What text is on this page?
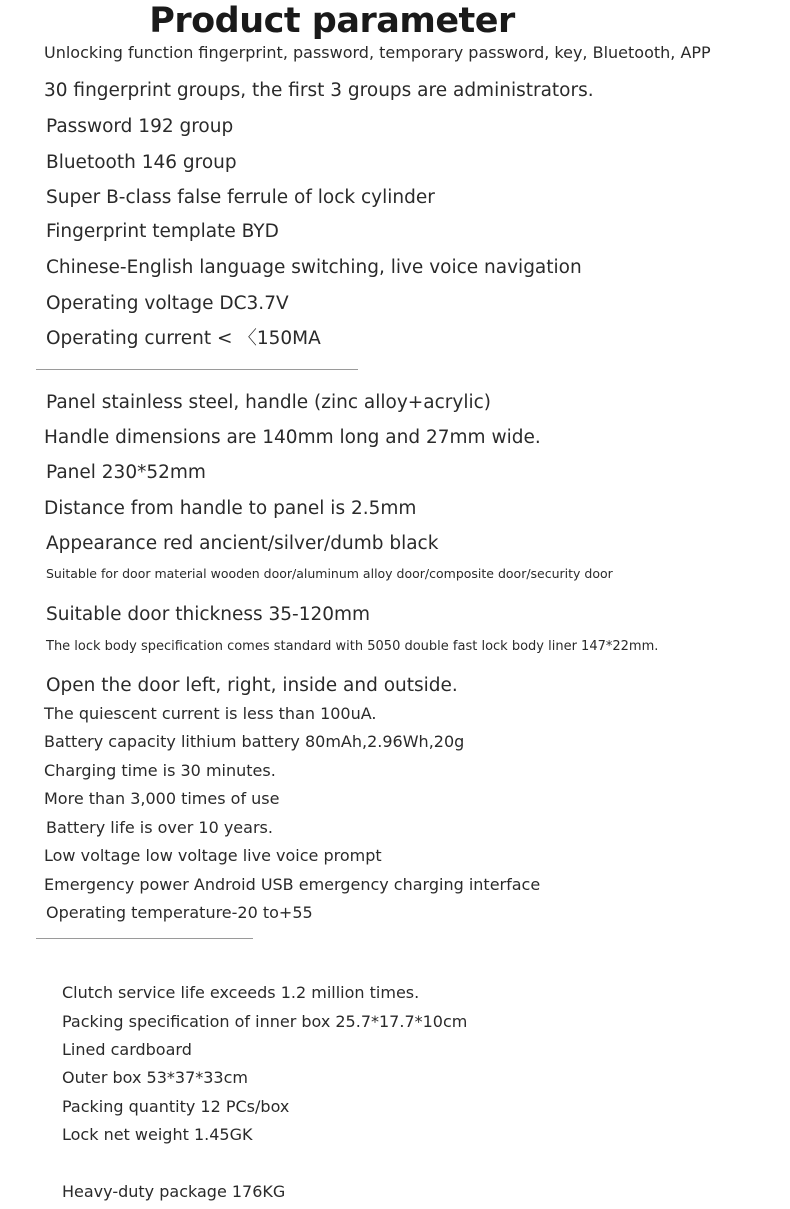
Product parameter
Unlocking function fingerprint, password, temporary password, key, Bluetooth, APP
30 fingerprint groups, the first 3 groups are administrators.
Password 192 group
Bluetooth 146 group
Super B-class false ferrule of lock cylinder
Fingerprint template BYD
Chinese-English language switching, live voice navigation
Operating voltage DC3.7V
Operating current < 〈150MA
Panel stainless steel, handle (zinc alloy+acrylic)
Handle dimensions are 140mm long and 27mm wide.
Panel 230*52mm
Distance from handle to panel is 2.5mm
Appearance red ancient/silver/dumb black
Suitable for door material wooden door/aluminum alloy door/composite door/security door
Suitable door thickness 35-120mm
The lock body specification comes standard with 5050 double fast lock body liner 147*22mm.
Open the door left, right, inside and outside.
The quiescent current is less than 100uA.
Battery capacity lithium battery 80mAh,2.96Wh,20g
Charging time is 30 minutes.
More than 3,000 times of use
Battery life is over 10 years.
Low voltage low voltage live voice prompt
Emergency power Android USB emergency charging interface
Operating temperature-20 to+55
Clutch service life exceeds 1.2 million times.
Packing specification of inner box 25.7*17.7*10cm
Lined cardboard
Outer box 53*37*33cm
Packing quantity 12 PCs/box
Lock net weight 1.45GK
Heavy-duty package 176KG
